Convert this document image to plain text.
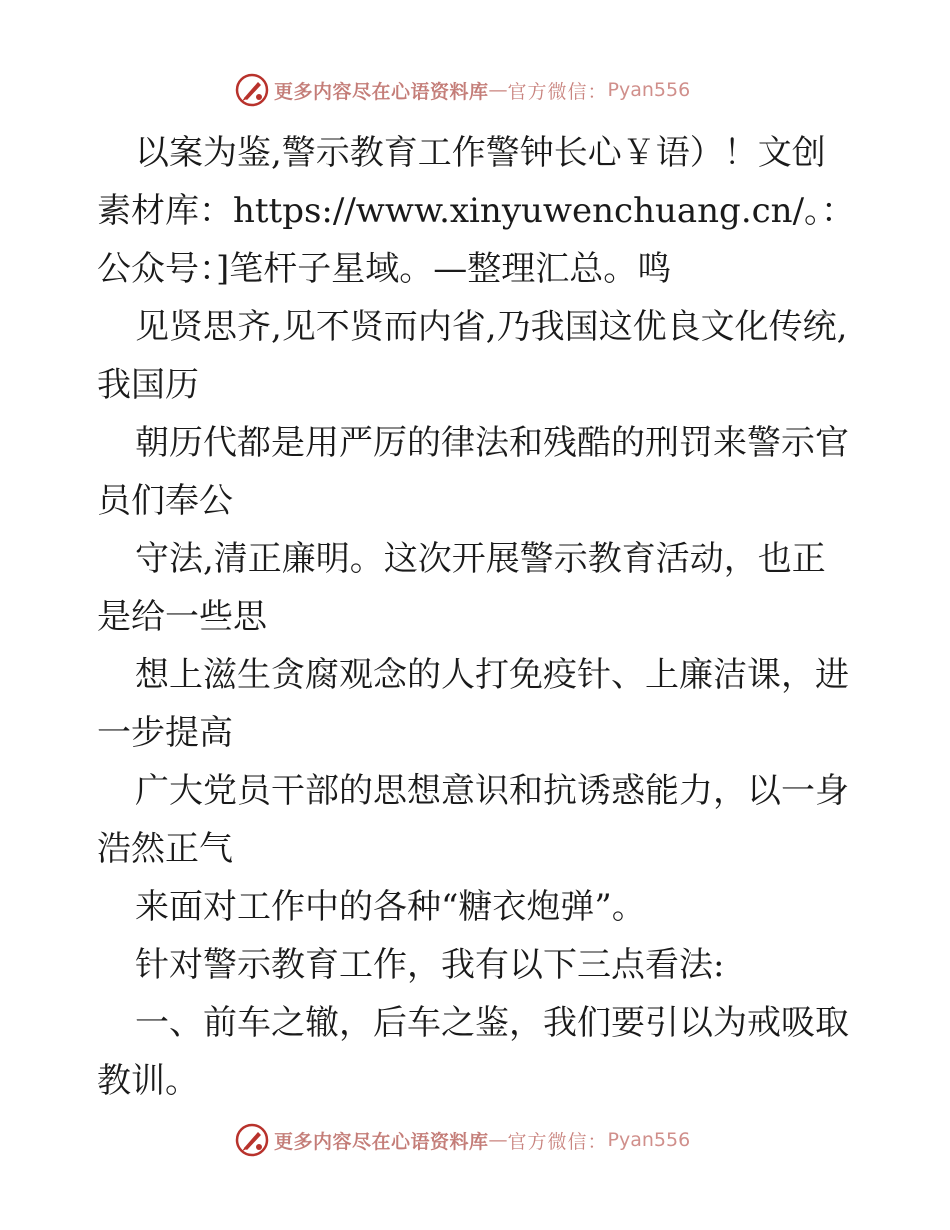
更多内容尽在心语资料库 — 官方微信： Pyan556

以案为鉴,警示教育工作警钟长心￥语）！文创素材库：https://www.xinyuwenchuang.cn/。：公众号：]笔杆子星域。—整理汇总。鸣

见贤思齐,见不贤而内省,乃我国这优良文化传统,我国历

朝历代都是用严厉的律法和残酷的刑罚来警示官员们奉公

守法,清正廉明。这次开展警示教育活动，也正是给一些思

想上滋生贪腐观念的人打免疫针、上廉洁课，进一步提高

广大党员干部的思想意识和抗诱惑能力，以一身浩然正气

来面对工作中的各种“糖衣炮弹”。

针对警示教育工作，我有以下三点看法:

一、前车之辙，后车之鉴，我们要引以为戒吸取教训。

更多内容尽在心语资料库 — 官方微信： Pyan556
